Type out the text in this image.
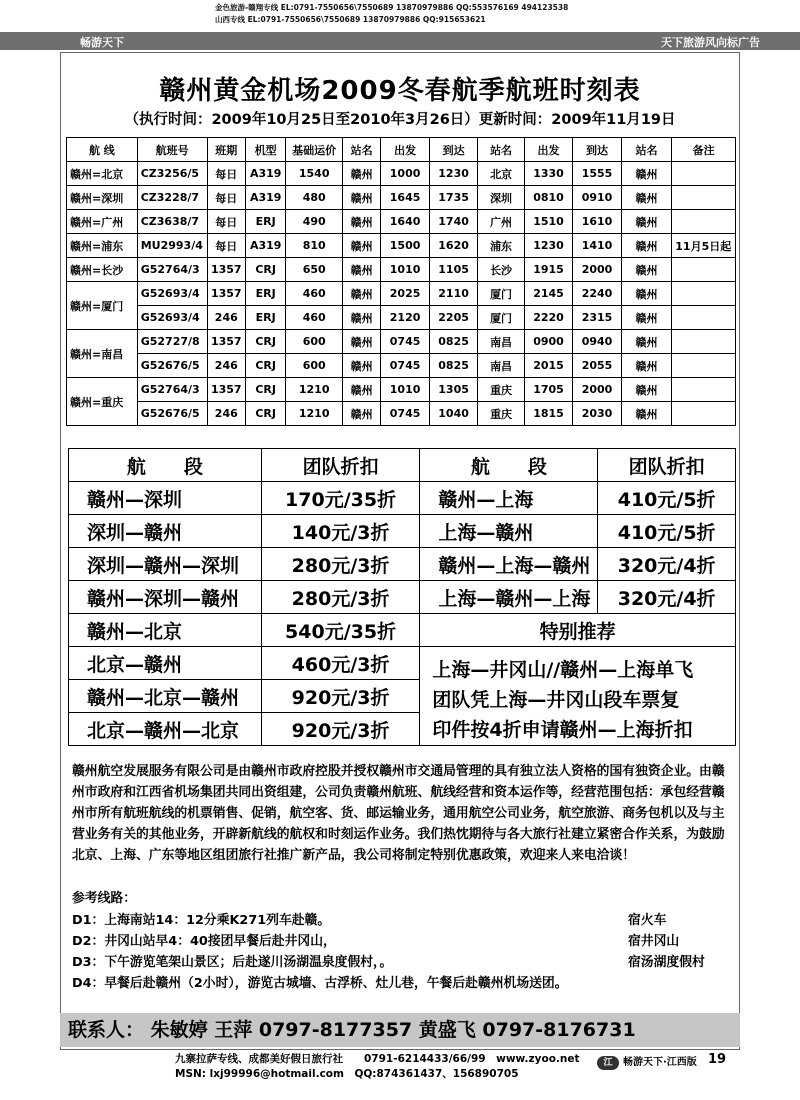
金色旅游-赣翔专线 EL:0791-7550656\7550689 13870979886 QQ:553576169 494123538
山西专线 EL:0791-7550656\7550689 13870979886 QQ:915653621
畅游天下	天下旅游风向标广告
赣州黄金机场2009冬春航季航班时刻表
（执行时间：2009年10月25日至2010年3月26日）更新时间：2009年11月19日
航 线	航班号	班期	机型	基础运价	站名	出发	到达	站名	出发	到达	站名	备注
赣州=北京	CZ3256/5	每日	A319	1540	赣州	1000	1230	北京	1330	1555	赣州	
赣州=深圳	CZ3228/7	每日	A319	480	赣州	1645	1735	深圳	0810	0910	赣州	
赣州=广州	CZ3638/7	每日	ERJ	490	赣州	1640	1740	广州	1510	1610	赣州	
赣州=浦东	MU2993/4	每日	A319	810	赣州	1500	1620	浦东	1230	1410	赣州	11月5日起
赣州=长沙	G52764/3	1357	CRJ	650	赣州	1010	1105	长沙	1915	2000	赣州	
赣州=厦门	G52693/4	1357	ERJ	460	赣州	2025	2110	厦门	2145	2240	赣州	
	G52693/4	246	ERJ	460	赣州	2120	2205	厦门	2220	2315	赣州	
赣州=南昌	G52727/8	1357	CRJ	600	赣州	0745	0825	南昌	0900	0940	赣州	
	G52676/5	246	CRJ	600	赣州	0745	0825	南昌	2015	2055	赣州	
赣州=重庆	G52764/3	1357	CRJ	1210	赣州	1010	1305	重庆	1705	2000	赣州	
	G52676/5	246	CRJ	1210	赣州	0745	1040	重庆	1815	2030	赣州	
航　　段	团队折扣	航　　段	团队折扣
赣州—深圳	170元/35折	赣州—上海	410元/5折
深圳—赣州	140元/3折	上海—赣州	410元/5折
深圳—赣州—深圳	280元/3折	赣州—上海—赣州	320元/4折
赣州—深圳—赣州	280元/3折	上海—赣州—上海	320元/4折
赣州—北京	540元/35折	特别推荐	
北京—赣州	460元/3折	上海—井冈山//赣州—上海单飞
团队凭上海—井冈山段车票复
印件按4折申请赣州—上海折扣	

赣州—北京—赣州	920元/3折		
北京—赣州—北京	920元/3折		
赣州航空发展服务有限公司是由赣州市政府控股并授权赣州市交通局管理的具有独立法人资格的国有独资企业。由赣州市政府和江西省机场集团共同出资组建，公司负责赣州航班、航线经营和资本运作等，经营范围包括：承包经营赣州市所有航班航线的机票销售、促销，航空客、货、邮运输业务，通用航空公司业务，航空旅游、商务包机以及与主营业务有关的其他业务，开辟新航线的航权和时刻运作业务。我们热忱期待与各大旅行社建立紧密合作关系，为鼓励北京、上海、广东等地区组团旅行社推广新产品，我公司将制定特别优惠政策，欢迎来人来电洽谈！
参考线路：
D1：上海南站14：12分乘K271列车赴赣。	宿火车
D2：井冈山站早4：40接团早餐后赴井冈山，	宿井冈山
D3：下午游览笔架山景区；后赴遂川汤湖温泉度假村，。	宿汤湖度假村
D4：早餐后赴赣州（2小时），游览古城墙、古浮桥、灶儿巷，午餐后赴赣州机场送团。
联系人： 朱敏婷 王萍 0797-8177357 黄盛飞 0797-8176731
九寨拉萨专线、成都美好假日旅行社　　0791-6214433/66/99　www.zyoo.net
MSN: lxj99996@hotmail.com　QQ:874361437、156890705
江 畅游天下·江西版 19
